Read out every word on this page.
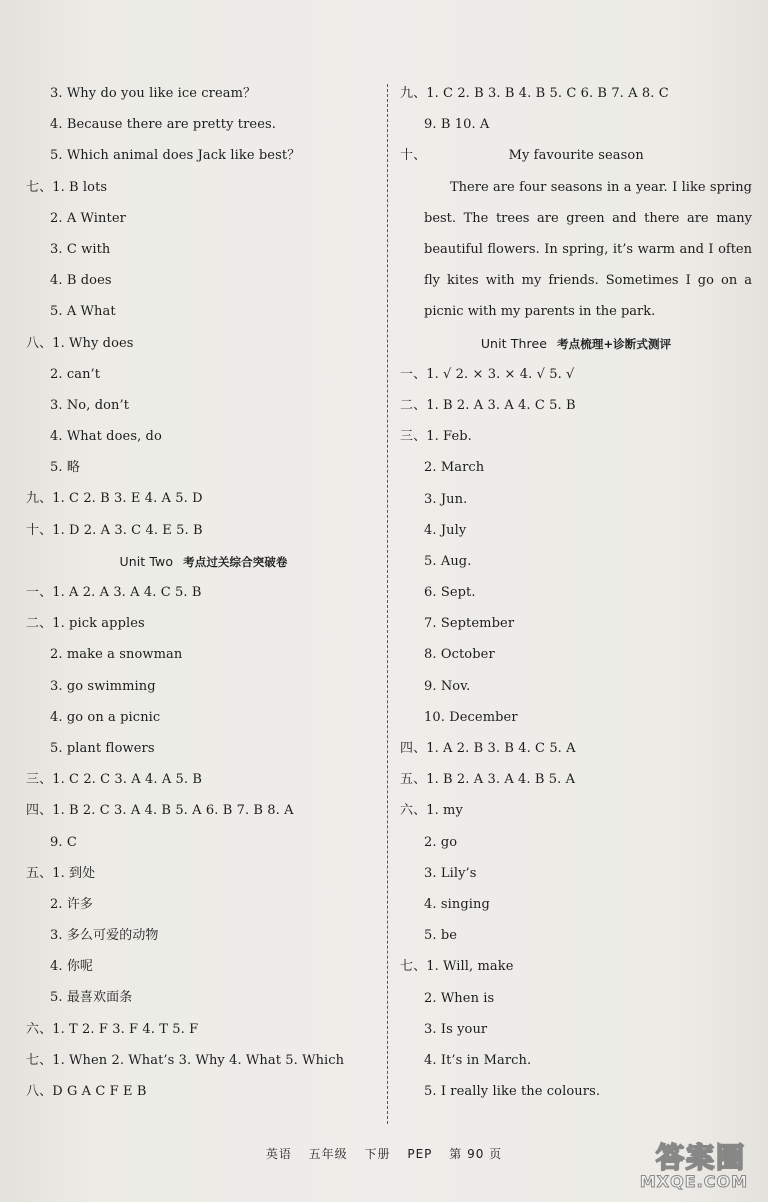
3. Why do you like ice cream？
4. Because there are pretty trees.
5. Which animal does Jack like best？
七、1. B lots
2. A Winter
3. C with
4. B does
5. A What
八、1. Why does
2. can’t
3. No, don’t
4. What does, do
5. 略
九、1. C 2. B 3. E 4. A 5. D
十、1. D 2. A 3. C 4. E 5. B
Unit Two 考点过关综合突破卷
一、1. A 2. A 3. A 4. C 5. B
二、1. pick apples
2. make a snowman
3. go swimming
4. go on a picnic
5. plant flowers
三、1. C 2. C 3. A 4. A 5. B
四、1. B 2. C 3. A 4. B 5. A 6. B 7. B 8. A
9. C
五、1. 到处
2. 许多
3. 多么可爱的动物
4. 你呢
5. 最喜欢面条
六、1. T 2. F 3. F 4. T 5. F
七、1. When 2. What’s 3. Why 4. What 5. Which
八、D G A C F E B
九、1. C 2. B 3. B 4. B 5. C 6. B 7. A 8. C
9. B 10. A
十、	My favourite season

There are four seasons in a year. I like spring best. The trees are green and there are many beautiful flowers. In spring, it’s warm and I often fly kites with my friends. Sometimes I go on a picnic with my parents in the park.

Unit Three 考点梳理+诊断式测评
一、1. √ 2. × 3. × 4. √ 5. √
二、1. B 2. A 3. A 4. C 5. B
三、1. Feb.
2. March
3. Jun.
4. July
5. Aug.
6. Sept.
7. September
8. October
9. Nov.
10. December
四、1. A 2. B 3. B 4. C 5. A
五、1. B 2. A 3. A 4. B 5. A
六、1. my
2. go
3. Lily’s
4. singing
5. be
七、1. Will, make
2. When is
3. Is your
4. It’s in March.
5. I really like the colours.
英语 五年级 下册 PEP 第 90 页	答案圈
MXQE.COM
